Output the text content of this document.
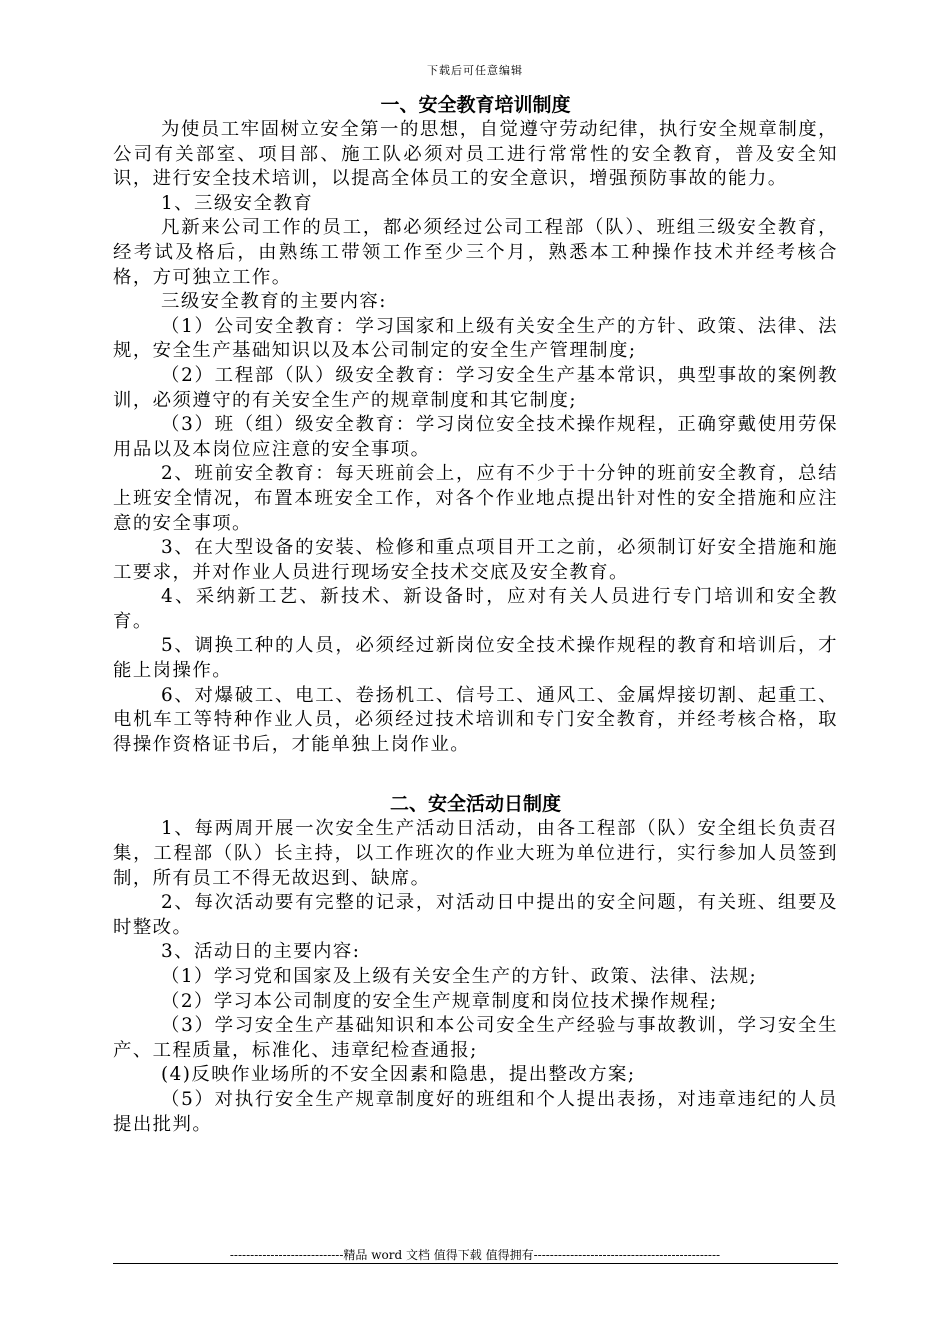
下载后可任意编辑
一、安全教育培训制度

为使员工牢固树立安全第一的思想，自觉遵守劳动纪律，执行安全规章制度，公司有关部室、项目部、施工队必须对员工进行常常性的安全教育，普及安全知识，进行安全技术培训，以提高全体员工的安全意识，增强预防事故的能力。

1、三级安全教育

凡新来公司工作的员工，都必须经过公司工程部（队）、班组三级安全教育，经考试及格后，由熟练工带领工作至少三个月，熟悉本工种操作技术并经考核合格，方可独立工作。

三级安全教育的主要内容:

（1）公司安全教育：学习国家和上级有关安全生产的方针、政策、法律、法规，安全生产基础知识以及本公司制定的安全生产管理制度;

（2）工程部（队）级安全教育：学习安全生产基本常识，典型事故的案例教训，必须遵守的有关安全生产的规章制度和其它制度;

（3）班（组）级安全教育：学习岗位安全技术操作规程，正确穿戴使用劳保用品以及本岗位应注意的安全事项。

2、班前安全教育：每天班前会上，应有不少于十分钟的班前安全教育，总结上班安全情况，布置本班安全工作，对各个作业地点提出针对性的安全措施和应注意的安全事项。

3、在大型设备的安装、检修和重点项目开工之前，必须制订好安全措施和施工要求，并对作业人员进行现场安全技术交底及安全教育。

4、采纳新工艺、新技术、新设备时，应对有关人员进行专门培训和安全教育。

5、调换工种的人员，必须经过新岗位安全技术操作规程的教育和培训后，才能上岗操作。

6、对爆破工、电工、卷扬机工、信号工、通风工、金属焊接切割、起重工、电机车工等特种作业人员，必须经过技术培训和专门安全教育，并经考核合格，取得操作资格证书后，才能单独上岗作业。

二、安全活动日制度

1、每两周开展一次安全生产活动日活动，由各工程部（队）安全组长负责召集，工程部（队）长主持，以工作班次的作业大班为单位进行，实行参加人员签到制，所有员工不得无故迟到、缺席。

2、每次活动要有完整的记录，对活动日中提出的安全问题，有关班、组要及时整改。

3、活动日的主要内容:

（1）学习党和国家及上级有关安全生产的方针、政策、法律、法规;

（2）学习本公司制度的安全生产规章制度和岗位技术操作规程;

（3）学习安全生产基础知识和本公司安全生产经验与事故教训，学习安全生产、工程质量，标准化、违章纪检查通报;

(4)反映作业场所的不安全因素和隐患，提出整改方案;

（5）对执行安全生产规章制度好的班组和个人提出表扬，对违章违纪的人员提出批判。

----------------------------精品 word 文档 值得下载 值得拥有----------------------------------------------
